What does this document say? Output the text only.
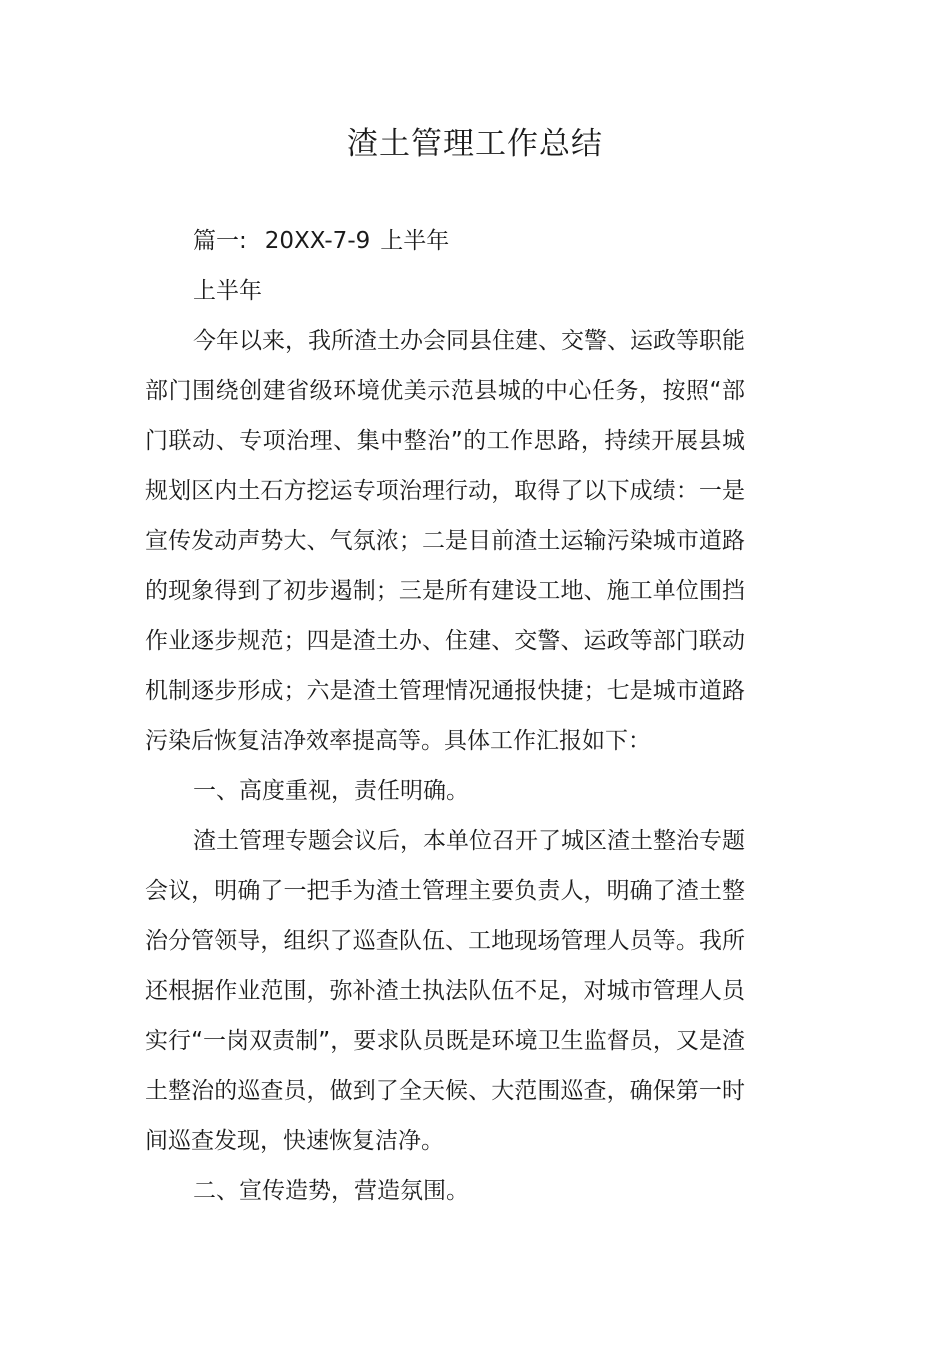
渣土管理工作总结
篇一: 20XX-7-9 上半年
上半年
今年以来，我所渣土办会同县住建、交警、运政等职能部门围绕创建省级环境优美示范县城的中心任务，按照“部门联动、专项治理、集中整治”的工作思路，持续开展县城规划区内土石方挖运专项治理行动，取得了以下成绩：一是宣传发动声势大、气氛浓；二是目前渣土运输污染城市道路的现象得到了初步遏制；三是所有建设工地、施工单位围挡作业逐步规范；四是渣土办、住建、交警、运政等部门联动机制逐步形成；六是渣土管理情况通报快捷；七是城市道路污染后恢复洁净效率提高等。具体工作汇报如下：
一、高度重视，责任明确。
渣土管理专题会议后，本单位召开了城区渣土整治专题会议，明确了一把手为渣土管理主要负责人，明确了渣土整治分管领导，组织了巡查队伍、工地现场管理人员等。我所还根据作业范围，弥补渣土执法队伍不足，对城市管理人员实行“一岗双责制”，要求队员既是环境卫生监督员，又是渣土整治的巡查员，做到了全天候、大范围巡查，确保第一时间巡查发现，快速恢复洁净。
二、宣传造势，营造氛围。
